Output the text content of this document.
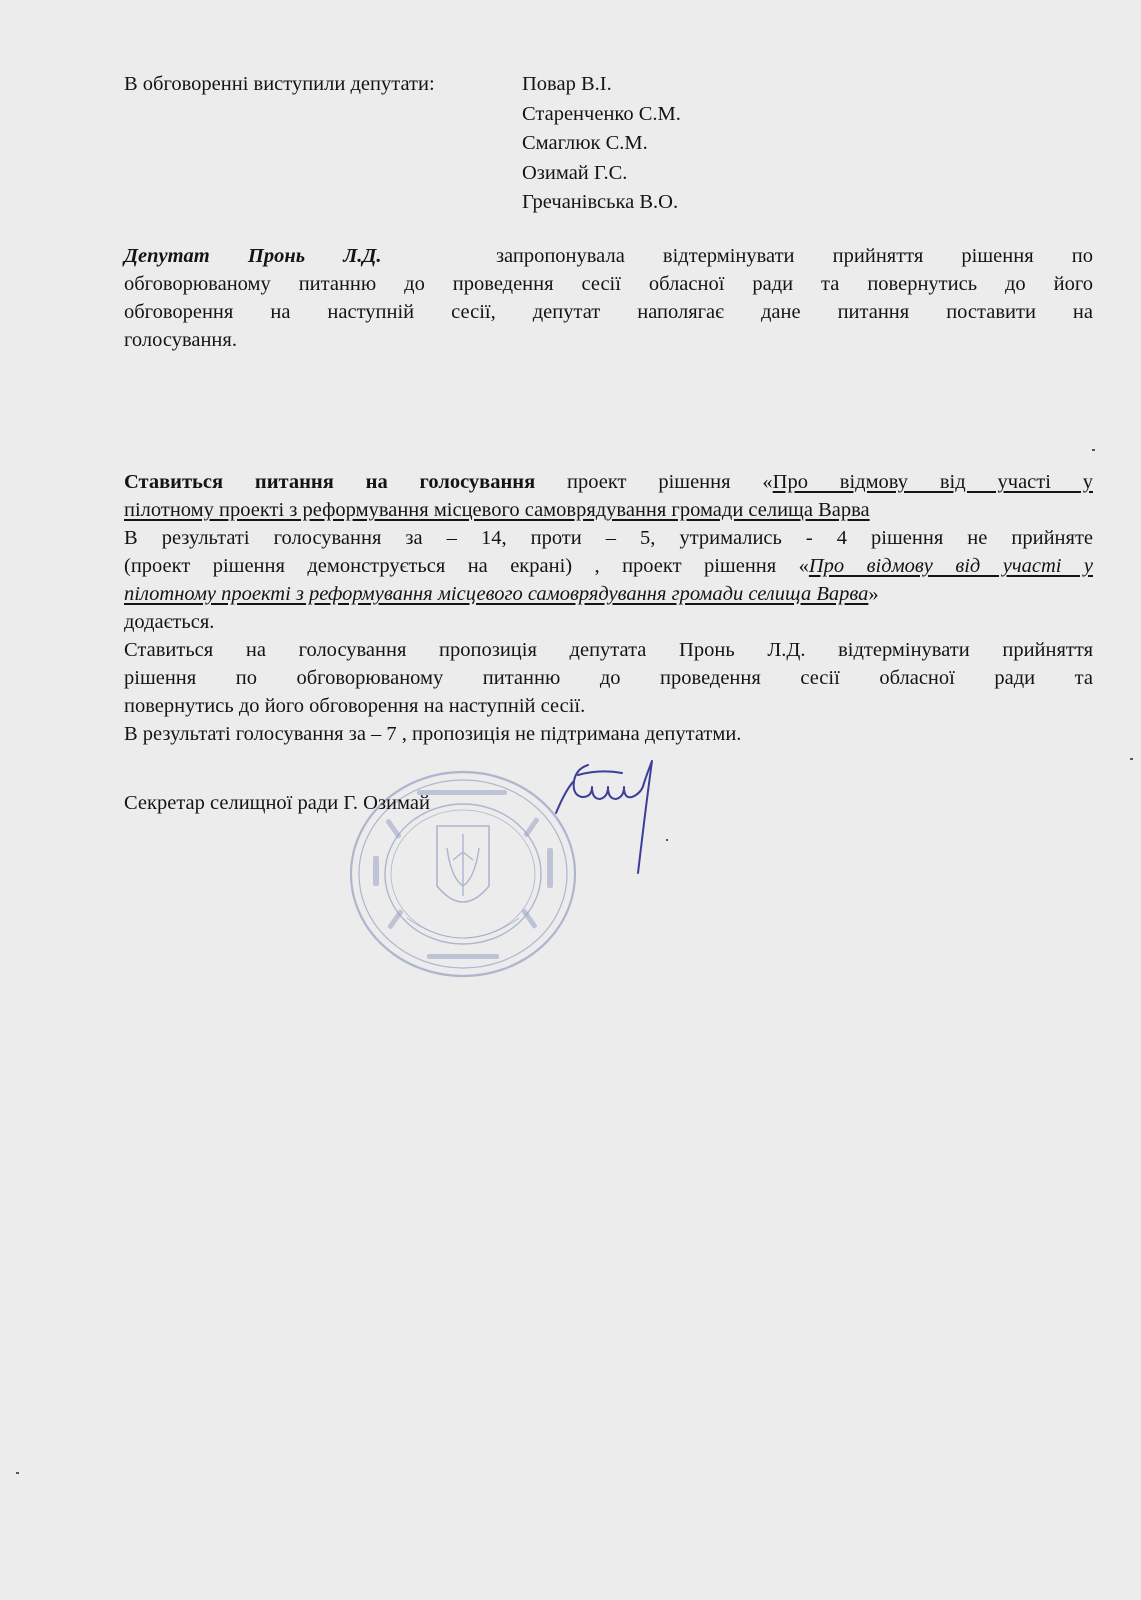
В обговоренні виступили депутати:	Повар В.І.
Старенченко С.М.
Смаглюк С.М.
Озимай Г.С.
Гречанівська В.О.
Депутат Пронь Л.Д.	запропонувала відтермінувати прийняття рішення по
обговорюваному питанню до проведення сесії обласної ради та повернутись до його
обговорення на наступній сесії, депутат наполягає дане питання поставити на
голосування.
Ставиться питання на голосування проект рішення «Про відмову від участі у
пілотному проекті з реформування місцевого самоврядування громади селища Варва
В результаті голосування за – 14, проти – 5, утримались - 4 рішення не прийняте
(проект рішення демонструється на екрані) , проект рішення «Про відмову від участі у
пілотному проекті з реформування місцевого самоврядування громади селища Варва»
додається.
Ставиться на голосування пропозиція депутата Пронь Л.Д. відтермінувати прийняття
рішення по обговорюваному питанню до проведення сесії обласної ради та
повернутись до його обговорення на наступній сесії.
В результаті голосування за – 7 , пропозиція не підтримана депутатми.
Секретар селищної ради Г. Озимай
